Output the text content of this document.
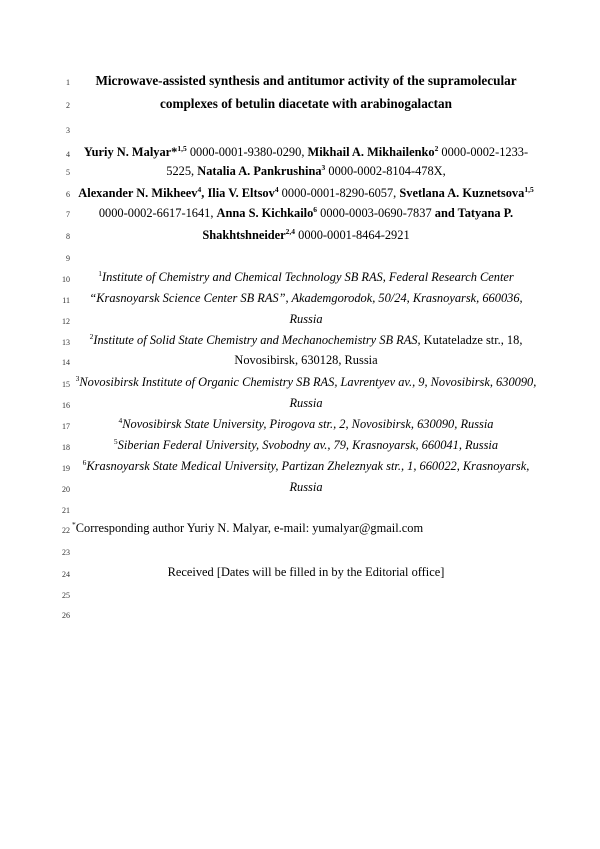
1
2
3
4
5
6
7
8
9
10
11
12
13
14
15
16
17
18
19
20
21
22
23
24
25
26
Microwave-assisted synthesis and antitumor activity of the supramolecular
complexes of betulin diacetate with arabinogalactan
Yuriy N. Malyar*$^{1,5}$ 0000-0001-9380-0290, Mikhail A. Mikhailenko$^2$ 0000-0002-1233-
5225, Natalia A. Pankrushina$^3$ 0000-0002-8104-478X,
Alexander N. Mikheev$^4$, Ilia V. Eltsov$^4$ 0000-0001-8290-6057, Svetlana A. Kuznetsova$^{1,5}$
0000-0002-6617-1641, Anna S. Kichkailo$^6$ 0000-0003-0690-7837 and Tatyana P.
Shakhtshneider$^{2,4}$ 0000-0001-8464-2921
$^1$Institute of Chemistry and Chemical Technology SB RAS, Federal Research Center
“Krasnoyarsk Science Center SB RAS”, Akademgorodok, 50/24, Krasnoyarsk, 660036,
Russia
$^2$Institute of Solid State Chemistry and Mechanochemistry SB RAS, Kutateladze str., 18,
Novosibirsk, 630128, Russia
$^3$Novosibirsk Institute of Organic Chemistry SB RAS, Lavrentyev av., 9, Novosibirsk, 630090,
Russia
$^4$Novosibirsk State University, Pirogova str., 2, Novosibirsk, 630090, Russia
$^5$Siberian Federal University, Svobodny av., 79, Krasnoyarsk, 660041, Russia
$^6$Krasnoyarsk State Medical University, Partizan Zheleznyak str., 1, 660022, Krasnoyarsk,
Russia
*Corresponding author Yuriy N. Malyar, e-mail: yumalyar@gmail.com
Received [Dates will be filled in by the Editorial office]
